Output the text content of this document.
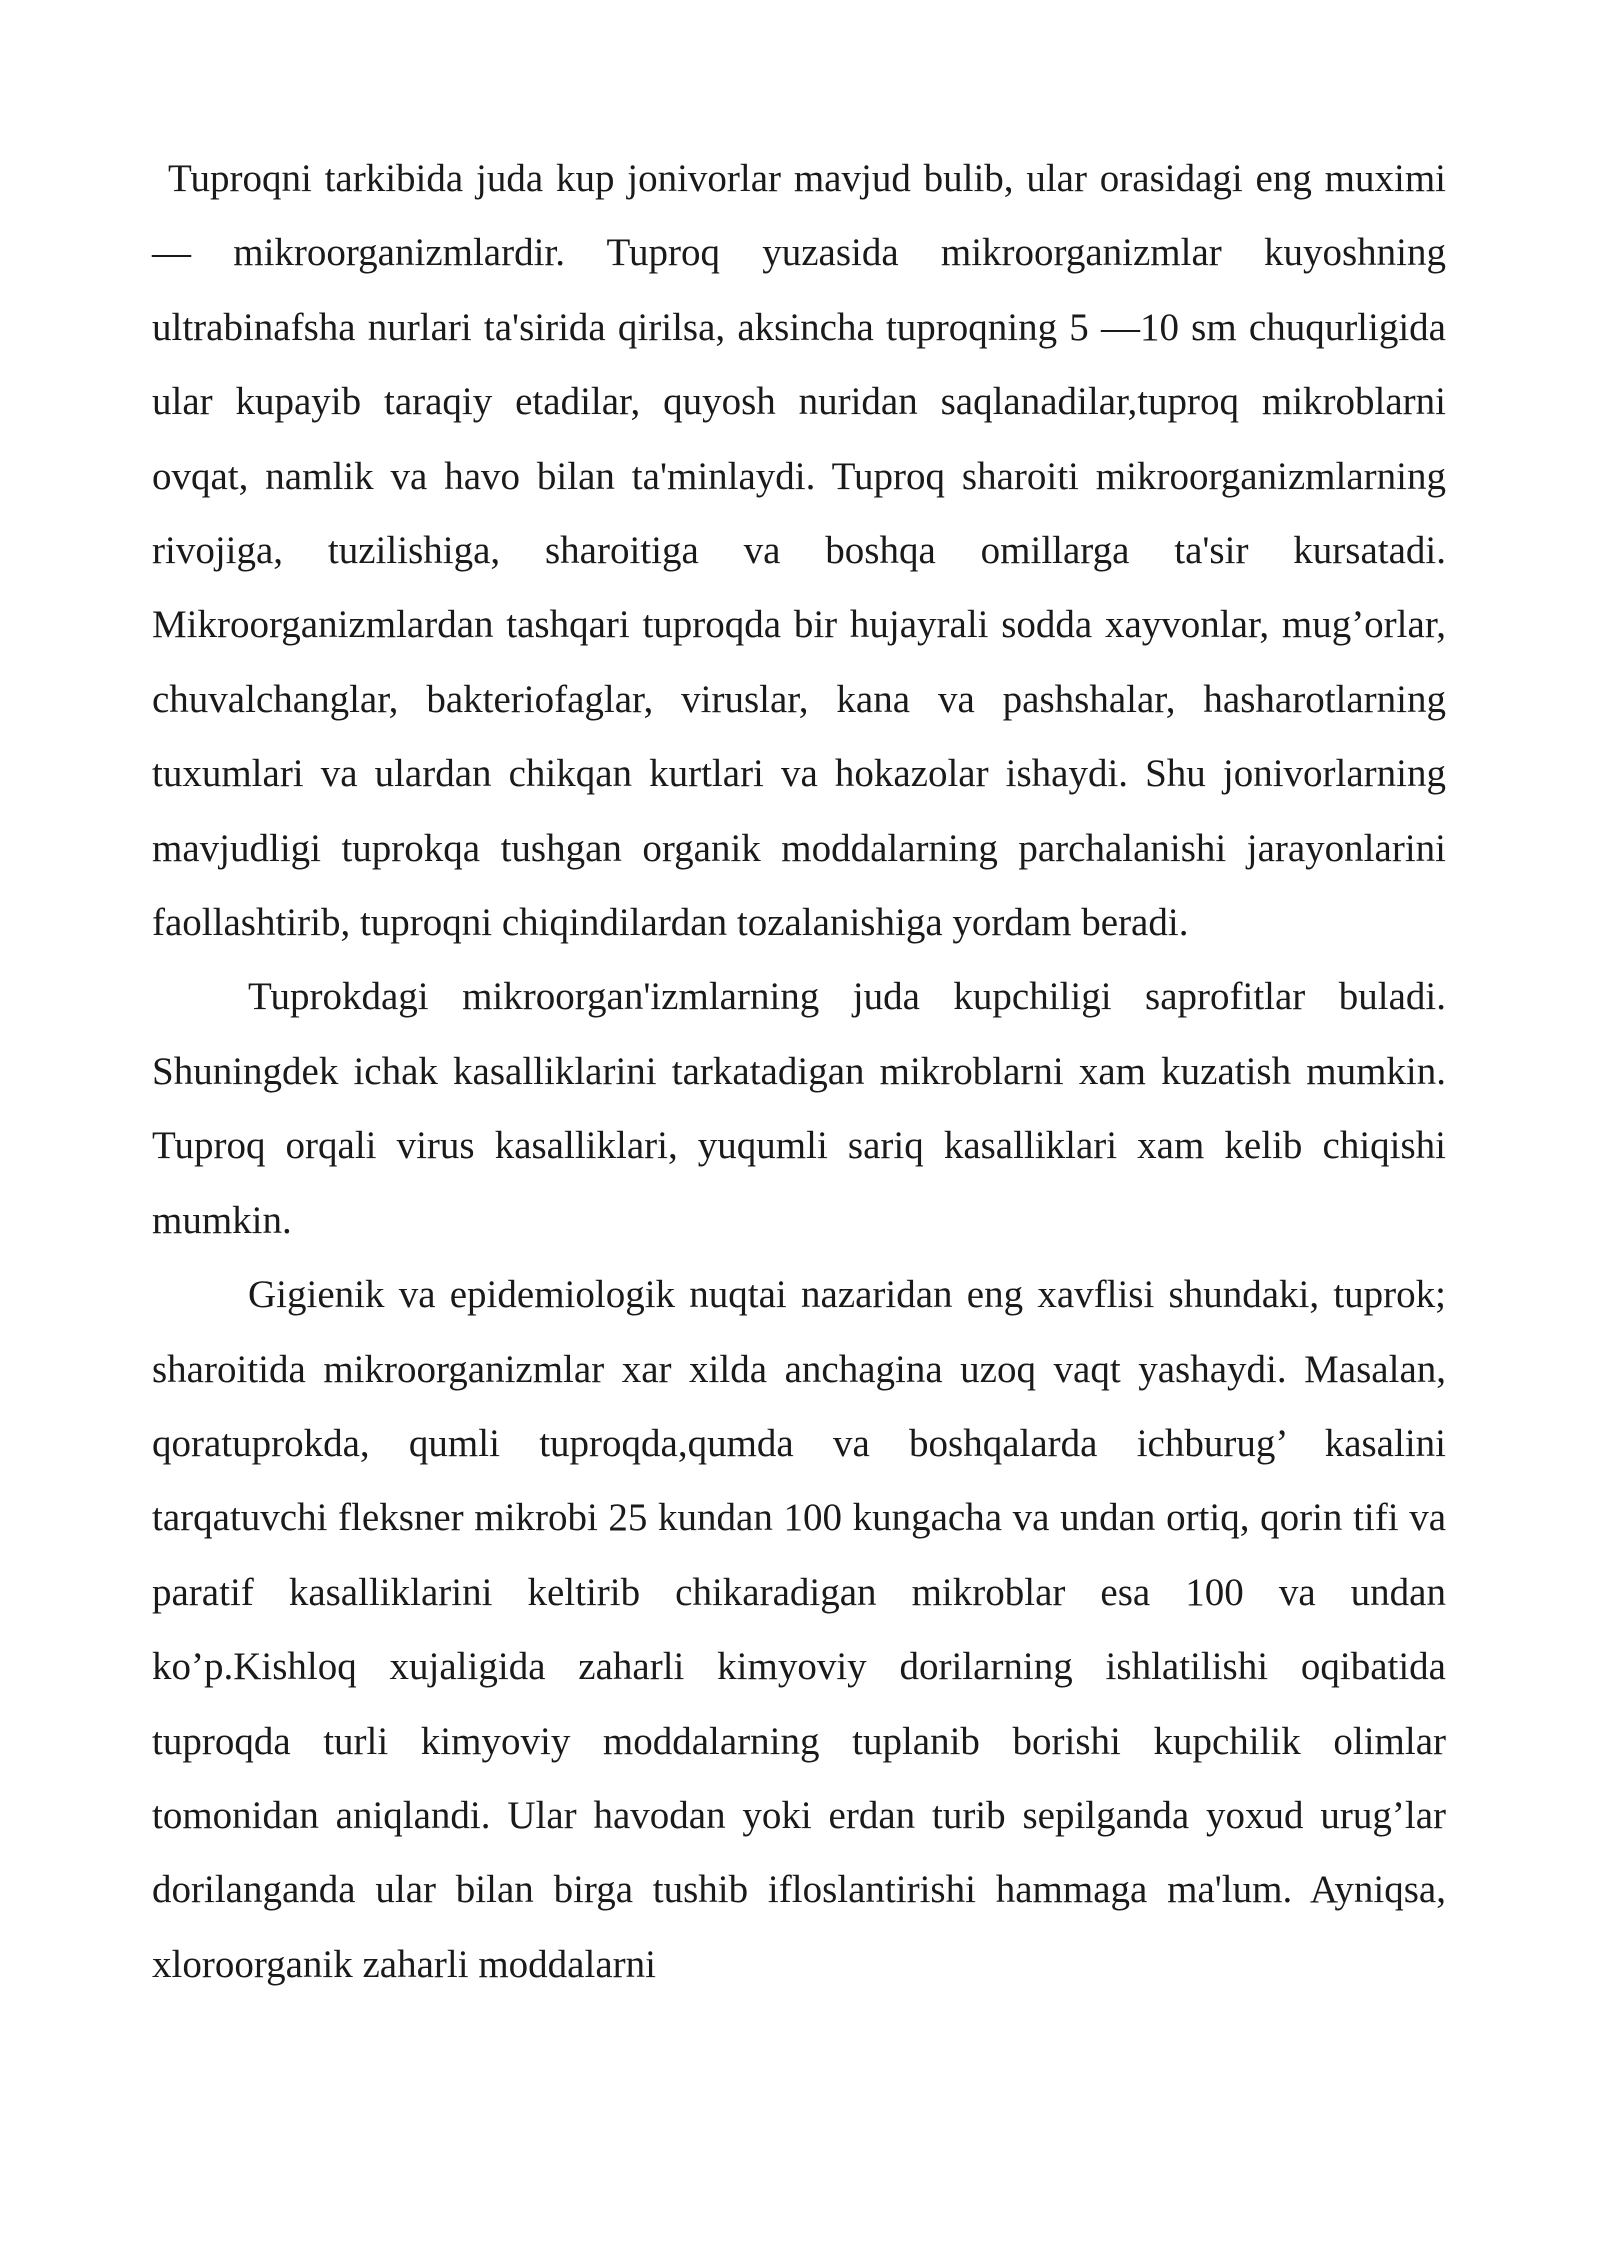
Tuproqni tarkibida juda kup jonivorlar mavjud bulib, ular orasidagi eng muximi — mikroorganizmlardir. Tuproq yuzasida mikroorganizmlar kuyoshning ultrabinafsha nurlari ta'sirida qirilsa, aksincha tuproqning 5 —10 sm chuqurligida ular kupayib taraqiy etadilar, quyosh nuridan saqlanadilar,tuproq mikroblarni ovqat, namlik va havo bilan ta'minlaydi. Tuproq sharoiti mikroorganizmlarning rivojiga, tuzilishiga, sharoitiga va boshqa omillarga ta'sir kursatadi. Mikroorganizmlardan tashqari tuproqda bir hujayrali sodda xayvonlar, mug’orlar, chuvalchanglar, bakteriofaglar, viruslar, kana va pashshalar, hasharotlarning tuxumlari va ulardan chikqan kurtlari va hokazolar ishaydi. Shu jonivorlarning mavjudligi tuprokqa tushgan organik moddalarning parchalanishi jarayonlarini faollashtirib, tuproqni chiqindilardan tozalanishiga yordam beradi.

Tuprokdagi mikroorgan'izmlarning juda kupchiligi saprofitlar buladi. Shuningdek ichak kasalliklarini tarkatadigan mikroblarni xam kuzatish mumkin. Tuproq orqali virus kasalliklari, yuqumli sariq kasalliklari xam kelib chiqishi mumkin.

Gigienik va epidemiologik nuqtai nazaridan eng xavflisi shundaki, tuprok; sharoitida mikroorganizmlar xar xilda anchagina uzoq vaqt yashaydi. Masalan, qoratuprokda, qumli tuproqda,qumda va boshqalarda ichburug’ kasalini tarqatuvchi fleksner mikrobi 25 kundan 100 kungacha va undan ortiq, qorin tifi va paratif kasalliklarini keltirib chikaradigan mikroblar esa 100 va undan ko’p.Kishloq xujaligida zaharli kimyoviy dorilarning ishlatilishi oqibatida tuproqda turli kimyoviy moddalarning tuplanib borishi kupchilik olimlar tomonidan aniqlandi. Ular havodan yoki erdan turib sepilganda yoxud urug’lar dorilanganda ular bilan birga tushib ifloslantirishi hammaga ma'lum. Ayniqsa, xloroorganik zaharli moddalarni
